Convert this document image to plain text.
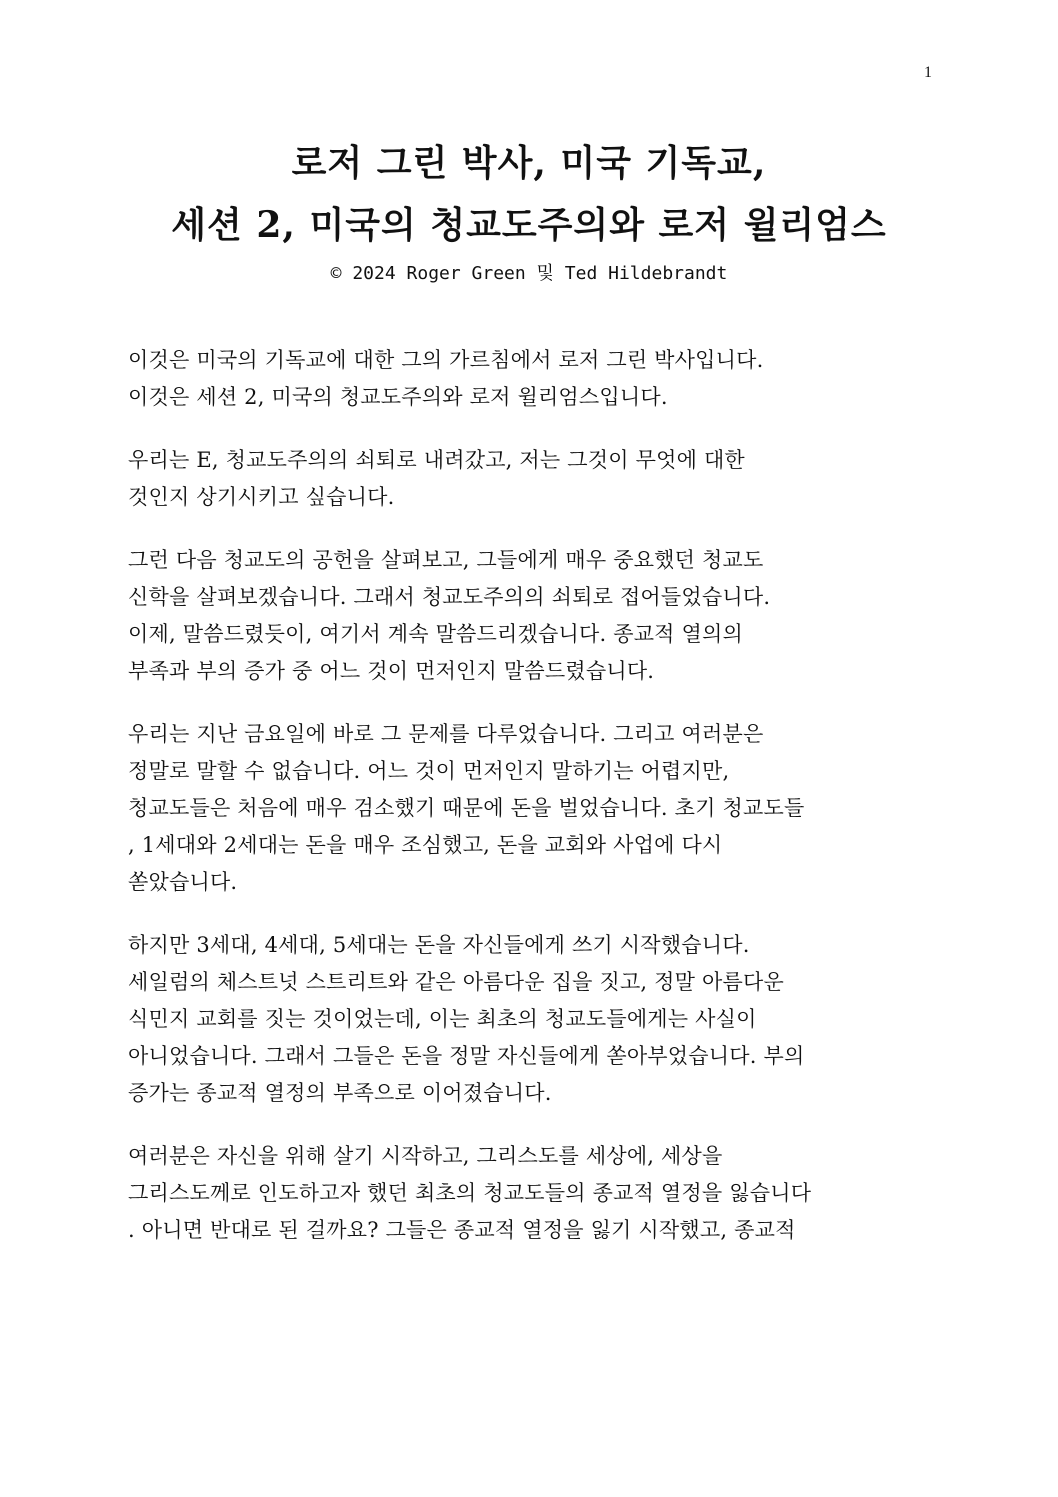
1
로저 그린 박사, 미국 기독교,
세션 2, 미국의 청교도주의와 로저 윌리엄스
© 2024 Roger Green 및 Ted Hildebrandt
이것은 미국의 기독교에 대한 그의 가르침에서 로저 그린 박사입니다.
이것은 세션 2, 미국의 청교도주의와 로저 윌리엄스입니다.
우리는 E, 청교도주의의 쇠퇴로 내려갔고, 저는 그것이 무엇에 대한
것인지 상기시키고 싶습니다.
그런 다음 청교도의 공헌을 살펴보고, 그들에게 매우 중요했던 청교도
신학을 살펴보겠습니다. 그래서 청교도주의의 쇠퇴로 접어들었습니다.
이제, 말씀드렸듯이, 여기서 계속 말씀드리겠습니다. 종교적 열의의
부족과 부의 증가 중 어느 것이 먼저인지 말씀드렸습니다.
우리는 지난 금요일에 바로 그 문제를 다루었습니다. 그리고 여러분은
정말로 말할 수 없습니다. 어느 것이 먼저인지 말하기는 어렵지만,
청교도들은 처음에 매우 검소했기 때문에 돈을 벌었습니다. 초기 청교도들
, 1세대와 2세대는 돈을 매우 조심했고, 돈을 교회와 사업에 다시
쏟았습니다.
하지만 3세대, 4세대, 5세대는 돈을 자신들에게 쓰기 시작했습니다.
세일럼의 체스트넛 스트리트와 같은 아름다운 집을 짓고, 정말 아름다운
식민지 교회를 짓는 것이었는데, 이는 최초의 청교도들에게는 사실이
아니었습니다. 그래서 그들은 돈을 정말 자신들에게 쏟아부었습니다. 부의
증가는 종교적 열정의 부족으로 이어졌습니다.
여러분은 자신을 위해 살기 시작하고, 그리스도를 세상에, 세상을
그리스도께로 인도하고자 했던 최초의 청교도들의 종교적 열정을 잃습니다
. 아니면 반대로 된 걸까요? 그들은 종교적 열정을 잃기 시작했고, 종교적
